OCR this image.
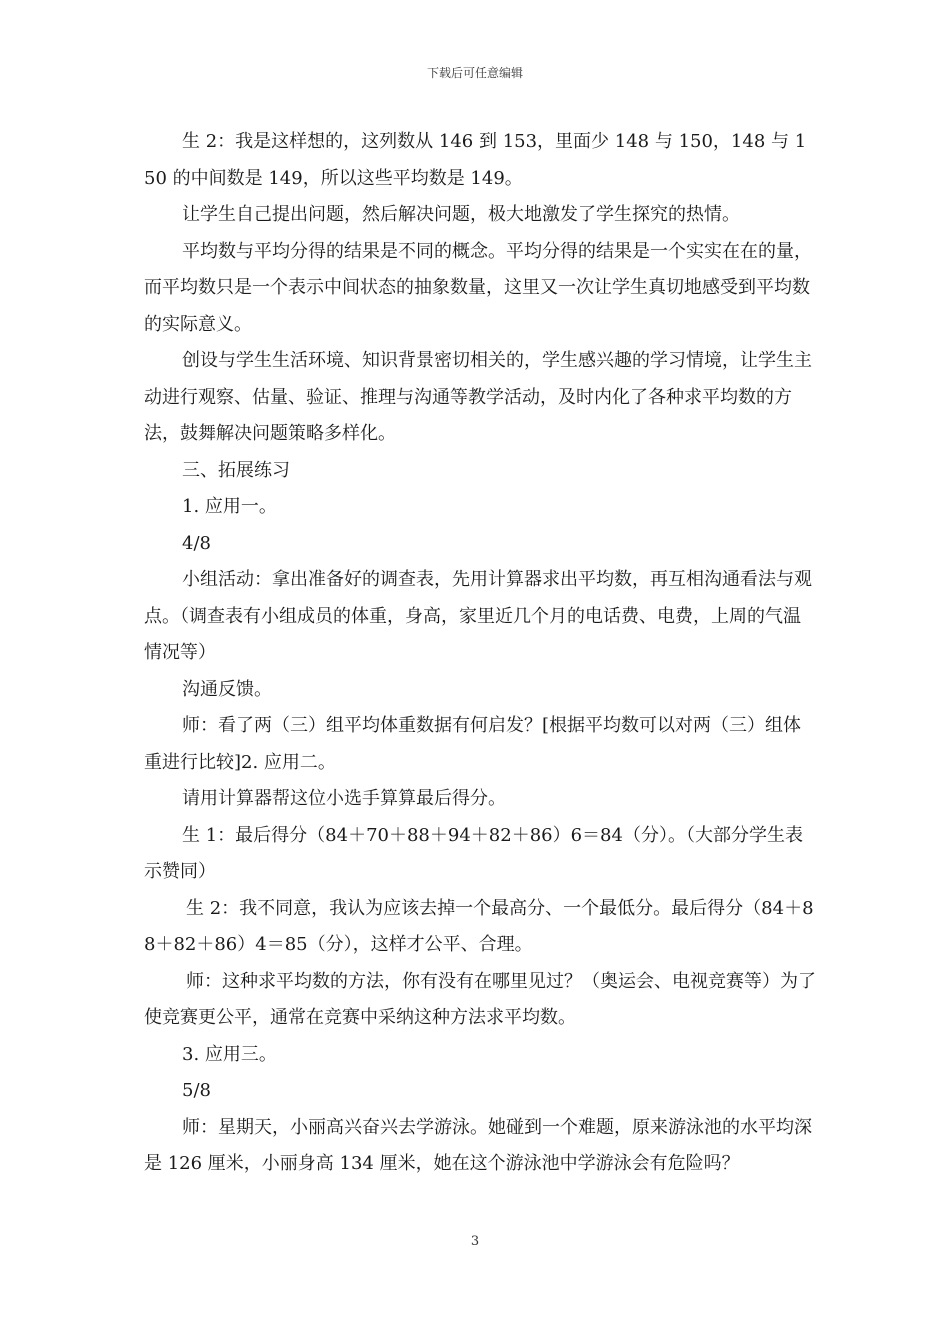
下载后可任意编辑

生 2：我是这样想的，这列数从 146 到 153，里面少 148 与 150，148 与 150 的中间数是 149，所以这些平均数是 149。

让学生自己提出问题，然后解决问题，极大地激发了学生探究的热情。

平均数与平均分得的结果是不同的概念。平均分得的结果是一个实实在在的量，而平均数只是一个表示中间状态的抽象数量，这里又一次让学生真切地感受到平均数的实际意义。

创设与学生生活环境、知识背景密切相关的，学生感兴趣的学习情境，让学生主动进行观察、估量、验证、推理与沟通等教学活动，及时内化了各种求平均数的方法，鼓舞解决问题策略多样化。

三、拓展练习

1. 应用一。

4/8

小组活动：拿出准备好的调查表，先用计算器求出平均数，再互相沟通看法与观点。（调查表有小组成员的体重，身高，家里近几个月的电话费、电费，上周的气温情况等）

沟通反馈。

师：看了两（三）组平均体重数据有何启发？[根据平均数可以对两（三）组体重进行比较]2. 应用二。

请用计算器帮这位小选手算算最后得分。

生 1：最后得分（84＋70＋88＋94＋82＋86）6＝84（分）。（大部分学生表示赞同）

生 2：我不同意，我认为应该去掉一个最高分、一个最低分。最后得分（84＋88＋82＋86）4＝85（分），这样才公平、合理。

师：这种求平均数的方法，你有没有在哪里见过？（奥运会、电视竞赛等）为了使竞赛更公平，通常在竞赛中采纳这种方法求平均数。

3. 应用三。

5/8

师：星期天，小丽高兴奋兴去学游泳。她碰到一个难题，原来游泳池的水平均深是 126 厘米，小丽身高 134 厘米，她在这个游泳池中学游泳会有危险吗？

3
